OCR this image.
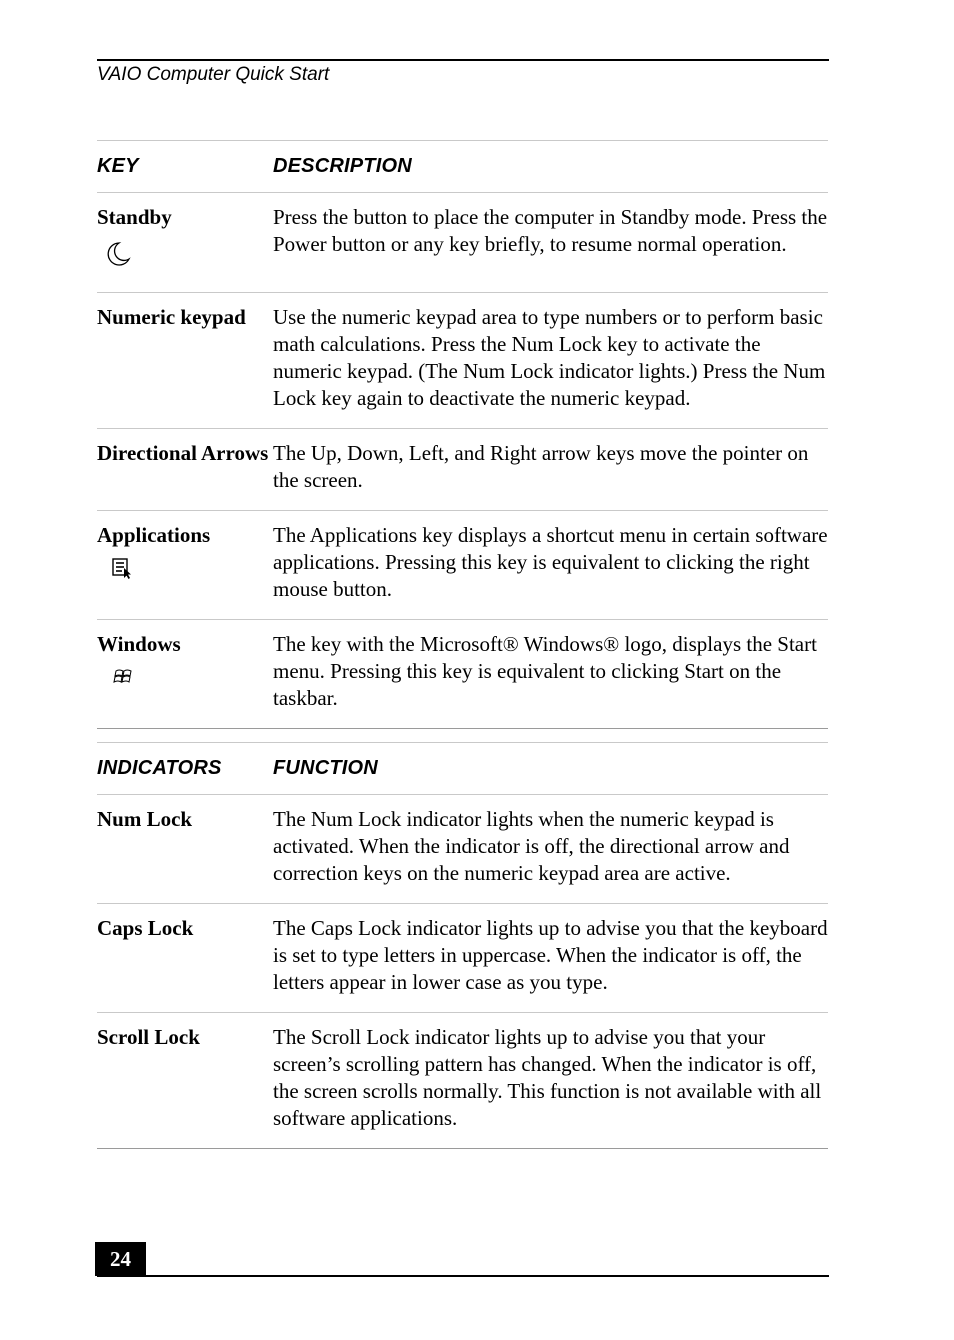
VAIO Computer Quick Start
KEY	DESCRIPTION

Standby	Press the button to place the computer in Standby mode. Press the Power button or any key briefly, to resume normal operation.

Numeric keypad	Use the numeric keypad area to type numbers or to perform basic math calculations. Press the Num Lock key to activate the numeric keypad. (The Num Lock indicator lights.) Press the Num Lock key again to deactivate the numeric keypad.

Directional Arrows	The Up, Down, Left, and Right arrow keys move the pointer on the screen.

Applications	The Applications key displays a shortcut menu in certain software applications. Pressing this key is equivalent to clicking the right mouse button.

Windows	The key with the Microsoft® Windows® logo, displays the Start menu. Pressing this key is equivalent to clicking Start on the taskbar.
INDICATORS	FUNCTION

Num Lock	The Num Lock indicator lights when the numeric keypad is activated. When the indicator is off, the directional arrow and correction keys on the numeric keypad area are active.

Caps Lock	The Caps Lock indicator lights up to advise you that the keyboard is set to type letters in uppercase. When the indicator is off, the letters appear in lower case as you type.

Scroll Lock	The Scroll Lock indicator lights up to advise you that your screen’s scrolling pattern has changed. When the indicator is off, the screen scrolls normally. This function is not available with all software applications.
24
